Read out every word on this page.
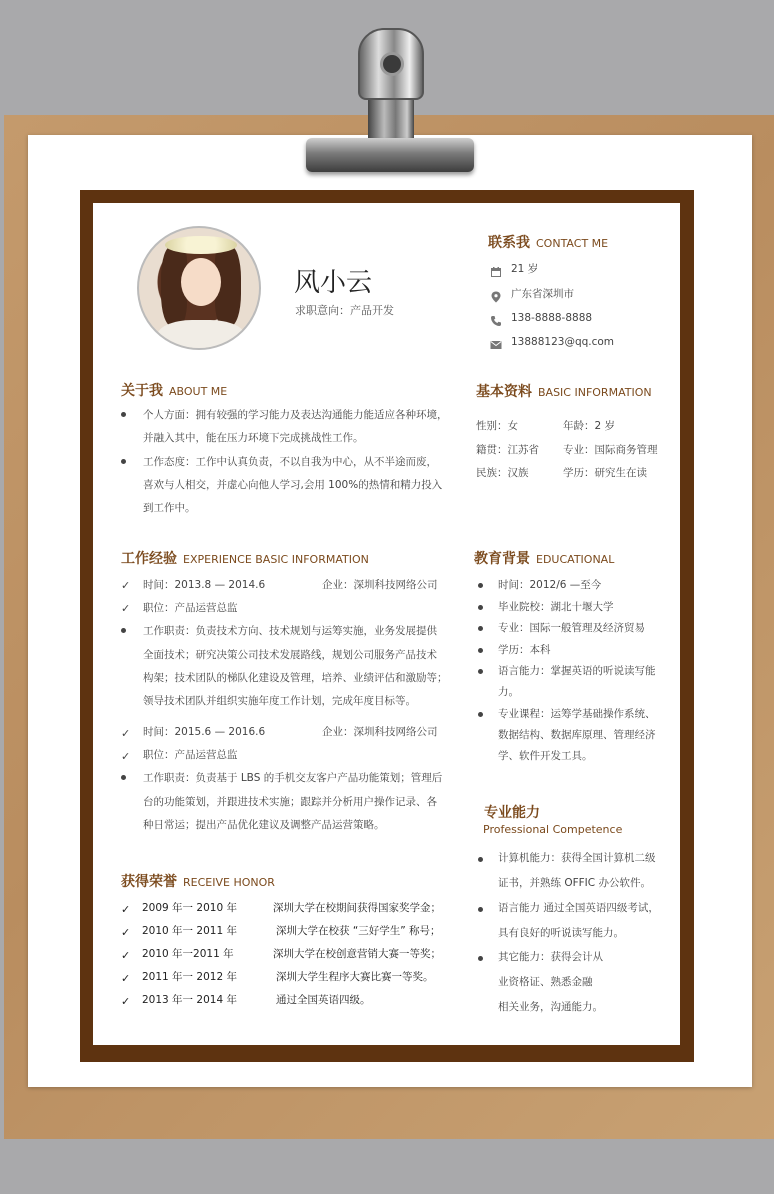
风小云
求职意向：产品开发
联系我 CONTACT ME
21 岁
广东省深圳市
138-8888-8888
13888123@qq.com
关于我 ABOUT ME
个人方面：拥有较强的学习能力及表达沟通能力能适应各种环境，
并融入其中，能在压力环境下完成挑战性工作。
工作态度：工作中认真负责，不以自我为中心，从不半途而废，
喜欢与人相交，并虚心向他人学习,会用 100%的热情和精力投入
到工作中。
基本资料 BASIC INFORMATION
性别：女	年龄：2 岁
籍贯：江苏省 专业：国际商务管理
民族：汉族	学历：研究生在读
工作经验 EXPERIENCE BASIC INFORMATION
✓ 时间：2013.8 — 2014.6	企业：深圳科技网络公司
✓ 职位：产品运营总监
工作职责：负责技术方向、技术规划与运筹实施，业务发展提供
全面技术；研究决策公司技术发展路线，规划公司服务产品技术
构架；技术团队的梯队化建设及管理，培养、业绩评估和激励等；
领导技术团队并组织实施年度工作计划，完成年度目标等。
✓ 时间：2015.6 — 2016.6	企业：深圳科技网络公司
✓ 职位：产品运营总监
工作职责：负责基于 LBS 的手机交友客户产品功能策划；管理后
台的功能策划，并跟进技术实施；跟踪并分析用户操作记录、各
种日常运；提出产品优化建议及调整产品运营策略。
教育背景 EDUCATIONAL
时间：2012/6 —至今
毕业院校：湖北十堰大学
专业：国际一般管理及经济贸易
学历：本科
语言能力：掌握英语的听说读写能
力。
专业课程：运筹学基础操作系统、
数据结构、数据库原理、管理经济
学、软件开发工具。
获得荣誉 RECEIVE HONOR
✓ 2009 年一 2010 年	深圳大学在校期间获得国家奖学金；
✓ 2010 年一 2011 年	深圳大学在校获 “三好学生” 称号；
✓ 2010 年一2011 年	深圳大学在校创意营销大赛一等奖；
✓ 2011 年一 2012 年	深圳大学生程序大赛比赛一等奖。
✓ 2013 年一 2014 年	通过全国英语四级。
专业能力
Professional Competence
计算机能力：获得全国计算机二级
证书，并熟练 OFFIC 办公软件。
语言能力 通过全国英语四级考试，
具有良好的听说读写能力。
其它能力：获得会计从
业资格证、熟悉金融
相关业务，沟通能力。
